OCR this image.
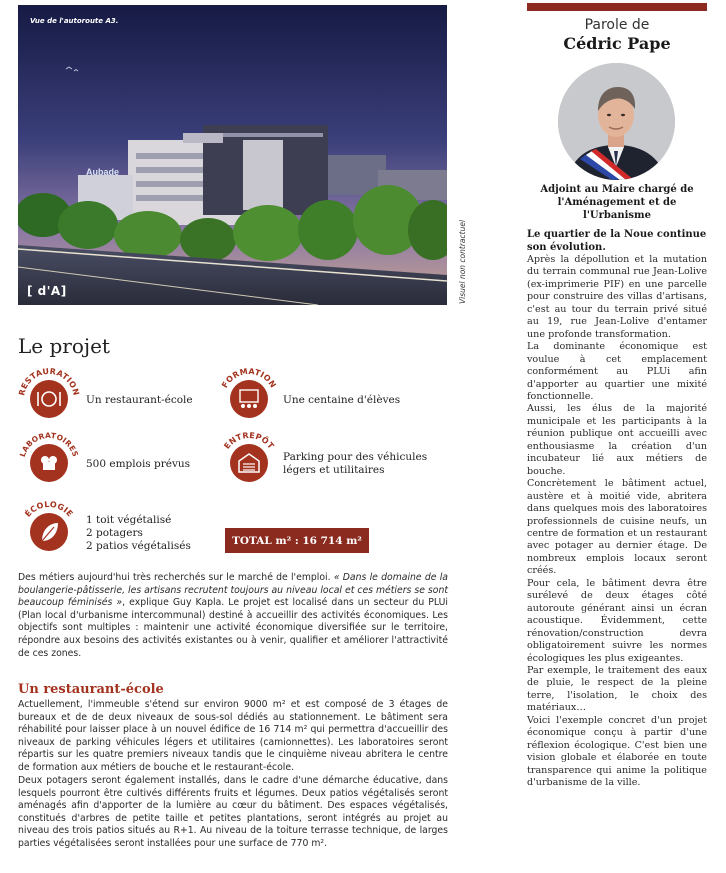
Vue de l'autoroute A3.
Aubade
[ d'A]	Visuel non contractuel
Le projet
RESTAURATION
Un restaurant-école
FORMATION
Une centaine d'élèves
LABORATOIRES
500 emplois prévus
ENTREPÔT
Parking pour des véhicules
légers et utilitaires
ÉCOLOGIE
1 toit végétalisé
2 potagers
2 patios végétalisés	TOTAL m² : 16 714 m²

Des métiers aujourd'hui très recherchés sur le marché de l'emploi. « Dans le domaine de la boulangerie-pâtisserie, les artisans recrutent toujours au niveau local et ces métiers se sont beaucoup féminisés », explique Guy Kapla. Le projet est localisé dans un secteur du PLUi (Plan local d'urbanisme intercommunal) destiné à accueillir des activités économiques. Les objectifs sont multiples : maintenir une activité économique diversifiée sur le territoire, répondre aux besoins des activités existantes ou à venir, qualifier et améliorer l'attractivité de ces zones.

Un restaurant-école

Actuellement, l'immeuble s'étend sur environ 9000 m² et est composé de 3 étages de bureaux et de de deux niveaux de sous-sol dédiés au stationnement. Le bâtiment sera réhabilité pour laisser place à un nouvel édifice de 16 714 m² qui permettra d'accueillir des niveaux de parking véhicules légers et utilitaires (camionnettes). Les laboratoires seront répartis sur les quatre premiers niveaux tandis que le cinquième niveau abritera le centre de formation aux métiers de bouche et le restaurant-école.

Deux potagers seront également installés, dans le cadre d'une démarche éducative, dans lesquels pourront être cultivés différents fruits et légumes. Deux patios végétalisés seront aménagés afin d'apporter de la lumière au cœur du bâtiment. Des espaces végétalisés, constitués d'arbres de petite taille et petites plantations, seront intégrés au projet au niveau des trois patios situés au R+1. Au niveau de la toiture terrasse technique, de larges parties végétalisées seront installées pour une surface de 770 m².

Parole de
Cédric Pape
Adjoint au Maire chargé de
l'Aménagement et de l'Urbanisme

Le quartier de la Noue continue son évolution.

Après la dépollution et la mutation du terrain communal rue Jean-Lolive (ex-imprimerie PIF) en une parcelle pour construire des villas d'artisans, c'est au tour du terrain privé situé au 19, rue Jean-Lolive d'entamer une profonde transformation.

La dominante économique est voulue à cet emplacement conformément au PLUi afin d'apporter au quartier une mixité fonctionnelle.

Aussi, les élus de la majorité municipale et les participants à la réunion publique ont accueilli avec enthousiasme la création d'un incubateur lié aux métiers de bouche.

Concrètement le bâtiment actuel, austère et à moitié vide, abritera dans quelques mois des laboratoires professionnels de cuisine neufs, un centre de formation et un restaurant avec potager au dernier étage. De nombreux emplois locaux seront créés.

Pour cela, le bâtiment devra être surélevé de deux étages côté autoroute générant ainsi un écran acoustique. Évidemment, cette rénovation/construction devra obligatoirement suivre les normes écologiques les plus exigeantes.

Par exemple, le traitement des eaux de pluie, le respect de la pleine terre, l'isolation, le choix des matériaux…

Voici l'exemple concret d'un projet économique conçu à partir d'une réflexion écologique. C'est bien une vision globale et élaborée en toute transparence qui anime la politique d'urbanisme de la ville.
